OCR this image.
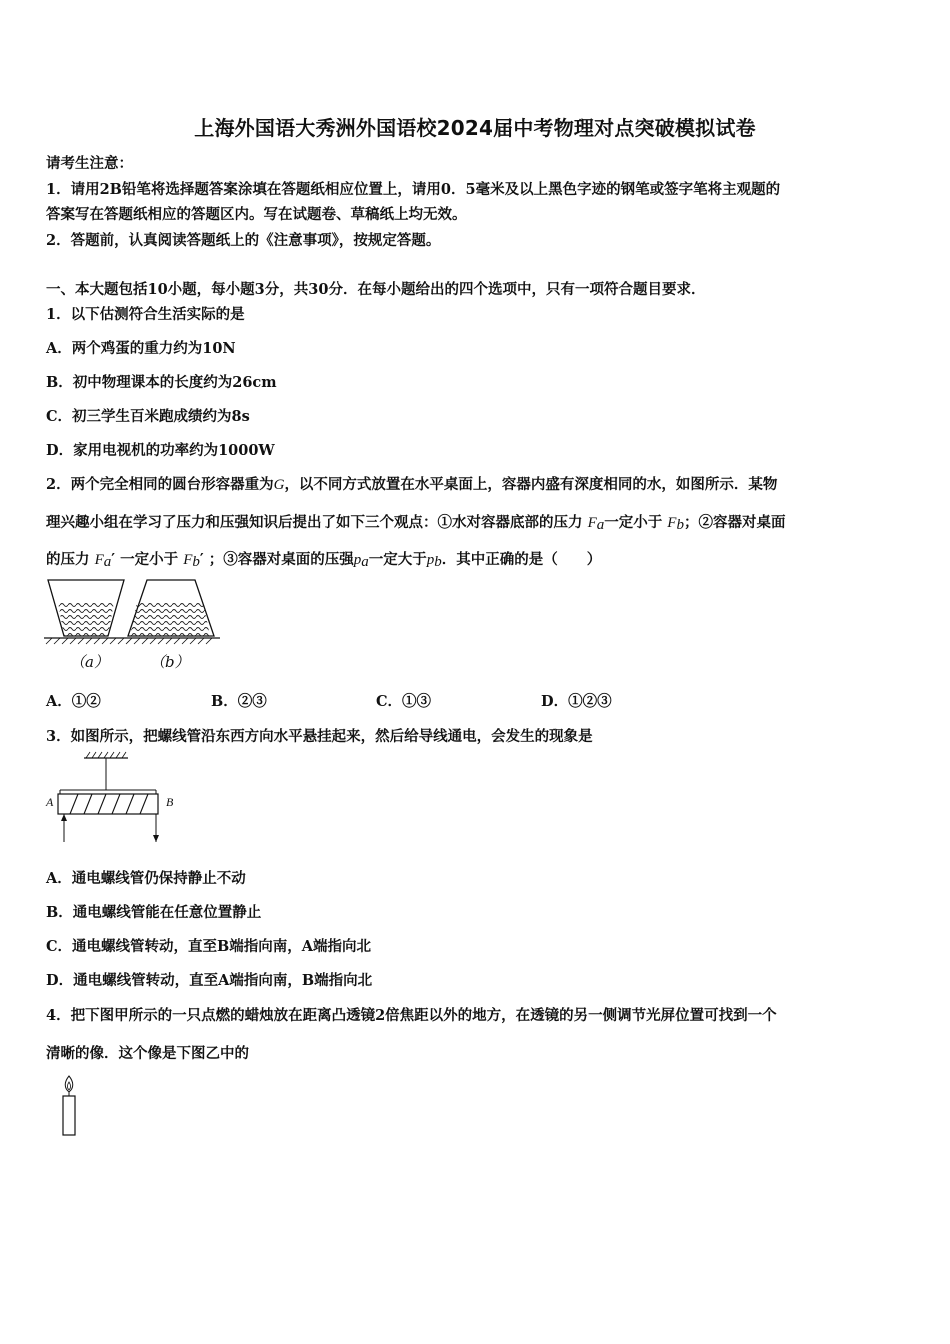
上海外国语大秀洲外国语校2024届中考物理对点突破模拟试卷
请考生注意：
1．请用2B铅笔将选择题答案涂填在答题纸相应位置上，请用0．5毫米及以上黑色字迹的钢笔或签字笔将主观题的
答案写在答题纸相应的答题区内。写在试题卷、草稿纸上均无效。
2．答题前，认真阅读答题纸上的《注意事项》，按规定答题。
一、本大题包括10小题，每小题3分，共30分．在每小题给出的四个选项中，只有一项符合题目要求．
1．以下估测符合生活实际的是
A．两个鸡蛋的重力约为10N
B．初中物理课本的长度约为26cm
C．初三学生百米跑成绩约为8s
D．家用电视机的功率约为1000W
2．两个完全相同的圆台形容器重为G，以不同方式放置在水平桌面上，容器内盛有深度相同的水，如图所示．某物
理兴趣小组在学习了压力和压强知识后提出了如下三个观点：①水对容器底部的压力 $F_a$一定小于 $F_b$；②容器对桌面
的压力 $F_a'$ 一定小于 $F_b'$ ；③容器对桌面的压强$p_a$一定大于$p_b$．其中正确的是（　　）
（a）	（b）
A．①②	B．②③	C．①③	D．①②③
3．如图所示，把螺线管沿东西方向水平悬挂起来，然后给导线通电，会发生的现象是
A	B
A．通电螺线管仍保持静止不动
B．通电螺线管能在任意位置静止
C．通电螺线管转动，直至B端指向南，A端指向北
D．通电螺线管转动，直至A端指向南，B端指向北
4．把下图甲所示的一只点燃的蜡烛放在距离凸透镜2倍焦距以外的地方，在透镜的另一侧调节光屏位置可找到一个
清晰的像．这个像是下图乙中的
